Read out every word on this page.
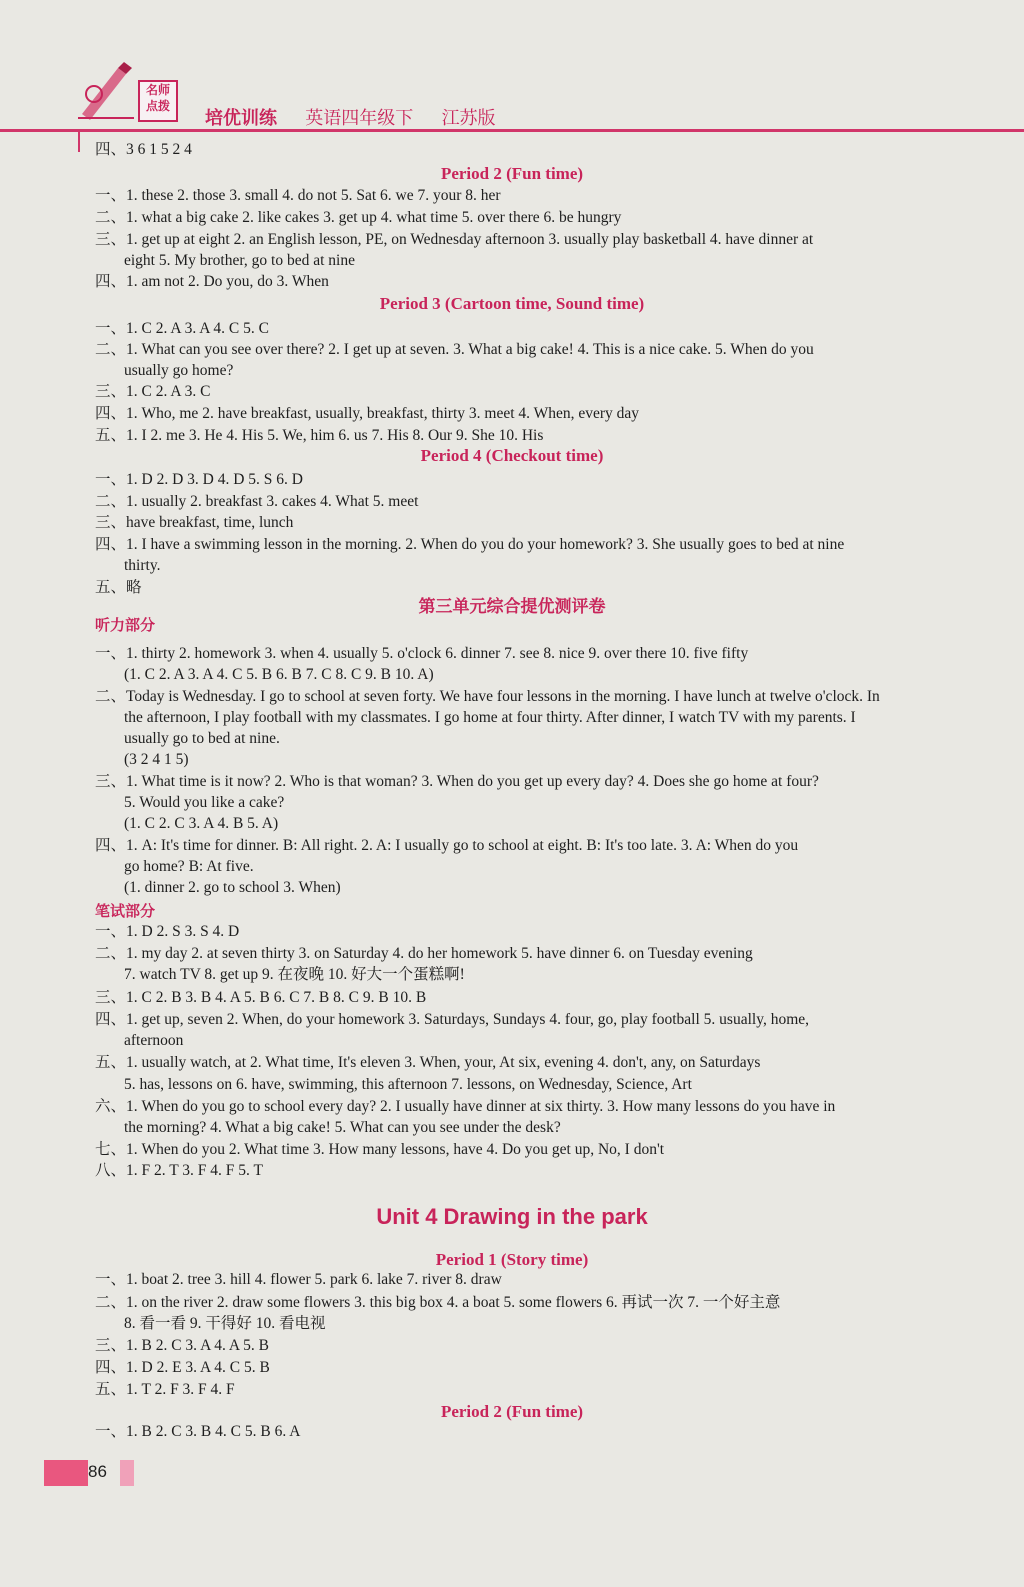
名师
点拨
培优训练 英语四年级下 江苏版
听力部分
笔试部分
第三单元综合提优测评卷
Unit 4 Drawing in the park
四、3 6 1 5 2 4
一、1. these 2. those 3. small 4. do not 5. Sat 6. we 7. your 8. her
二、1. what a big cake 2. like cakes 3. get up 4. what time 5. over there 6. be hungry
三、1. get up at eight 2. an English lesson, PE, on Wednesday afternoon 3. usually play basketball 4. have dinner at
eight 5. My brother, go to bed at nine
四、1. am not 2. Do you, do 3. When
一、1. C 2. A 3. A 4. C 5. C
二、1. What can you see over there? 2. I get up at seven. 3. What a big cake! 4. This is a nice cake. 5. When do you
usually go home?
三、1. C 2. A 3. C
四、1. Who, me 2. have breakfast, usually, breakfast, thirty 3. meet 4. When, every day
五、1. I 2. me 3. He 4. His 5. We, him 6. us 7. His 8. Our 9. She 10. His
一、1. D 2. D 3. D 4. D 5. S 6. D
二、1. usually 2. breakfast 3. cakes 4. What 5. meet
三、have breakfast, time, lunch
四、1. I have a swimming lesson in the morning. 2. When do you do your homework? 3. She usually goes to bed at nine
thirty.
五、略
一、1. thirty 2. homework 3. when 4. usually 5. o'clock 6. dinner 7. see 8. nice 9. over there 10. five fifty
(1. C 2. A 3. A 4. C 5. B 6. B 7. C 8. C 9. B 10. A)
二、Today is Wednesday. I go to school at seven forty. We have four lessons in the morning. I have lunch at twelve o'clock. In
the afternoon, I play football with my classmates. I go home at four thirty. After dinner, I watch TV with my parents. I
usually go to bed at nine.
(3 2 4 1 5)
三、1. What time is it now? 2. Who is that woman? 3. When do you get up every day? 4. Does she go home at four?
5. Would you like a cake?
(1. C 2. C 3. A 4. B 5. A)
四、1. A: It's time for dinner. B: All right. 2. A: I usually go to school at eight. B: It's too late. 3. A: When do you
go home? B: At five.
(1. dinner 2. go to school 3. When)
一、1. D 2. S 3. S 4. D
二、1. my day 2. at seven thirty 3. on Saturday 4. do her homework 5. have dinner 6. on Tuesday evening
7. watch TV 8. get up 9. 在夜晚 10. 好大一个蛋糕啊!
三、1. C 2. B 3. B 4. A 5. B 6. C 7. B 8. C 9. B 10. B
四、1. get up, seven 2. When, do your homework 3. Saturdays, Sundays 4. four, go, play football 5. usually, home,
afternoon
五、1. usually watch, at 2. What time, It's eleven 3. When, your, At six, evening 4. don't, any, on Saturdays
5. has, lessons on 6. have, swimming, this afternoon 7. lessons, on Wednesday, Science, Art
六、1. When do you go to school every day? 2. I usually have dinner at six thirty. 3. How many lessons do you have in
the morning? 4. What a big cake! 5. What can you see under the desk?
七、1. When do you 2. What time 3. How many lessons, have 4. Do you get up, No, I don't
八、1. F 2. T 3. F 4. F 5. T
一、1. boat 2. tree 3. hill 4. flower 5. park 6. lake 7. river 8. draw
二、1. on the river 2. draw some flowers 3. this big box 4. a boat 5. some flowers 6. 再试一次 7. 一个好主意
8. 看一看 9. 干得好 10. 看电视
三、1. B 2. C 3. A 4. A 5. B
四、1. D 2. E 3. A 4. C 5. B
五、1. T 2. F 3. F 4. F
一、1. B 2. C 3. B 4. C 5. B 6. A
Period 2 (Fun time)
Period 3 (Cartoon time, Sound time)
Period 4 (Checkout time)
Period 1 (Story time)
Period 2 (Fun time)
86
